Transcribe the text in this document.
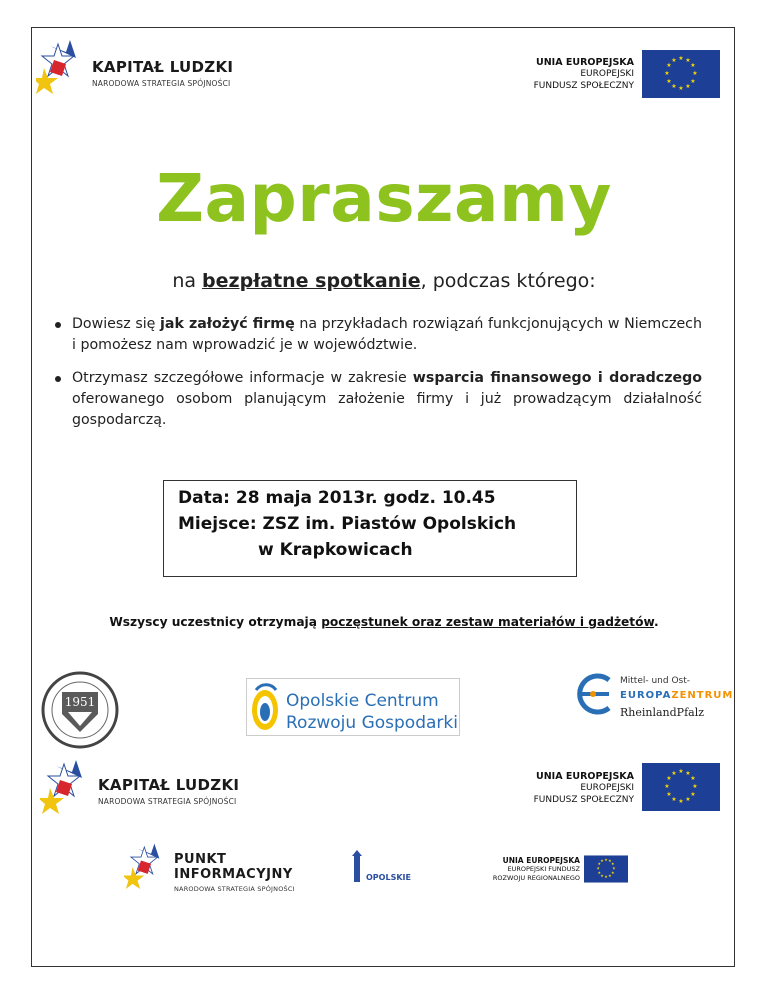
KAPITAŁ LUDZKI
NARODOWA STRATEGIA SPÓJNOŚCI
UNIA EUROPEJSKA
EUROPEJSKI
FUNDUSZ SPOŁECZNY
★ ★
★
★
★
★
★
★
★
★
★
★
Zapraszamy
na bezpłatne spotkanie, podczas którego:
Dowiesz się jak założyć firmę na przykładach rozwiązań funkcjonujących w Niemczech i pomożesz nam wprowadzić je w województwie.
Otrzymasz szczegółowe informacje w zakresie wsparcia finansowego i doradczego oferowanego osobom planującym założenie firmy i już prowadzącym działalność gospodarczą.
Data: 28 maja 2013r. godz. 10.45
Miejsce: ZSZ im. Piastów Opolskich
w Krapkowicach
Wszyscy uczestnicy otrzymają poczęstunek oraz zestaw materiałów i gadżetów.
1951	Opolskie Centrum
Rozwoju Gospodarki
Mittel- und Ost-
EUROPAZENTRUM
RheinlandPfalz
KAPITAŁ LUDZKI
NARODOWA STRATEGIA SPÓJNOŚCI
UNIA EUROPEJSKA
EUROPEJSKI
FUNDUSZ SPOŁECZNY
★ ★
★
★
★
★
★
★
★
★
★
★
PUNKT
INFORMACYJNY
NARODOWA STRATEGIA SPÓJNOŚCI
OPOLSKIE
UNIA EUROPEJSKA
EUROPEJSKI FUNDUSZ
ROZWOJU REGIONALNEGO
★ ★
★
★
★
★
★
★
★
★
★
★
